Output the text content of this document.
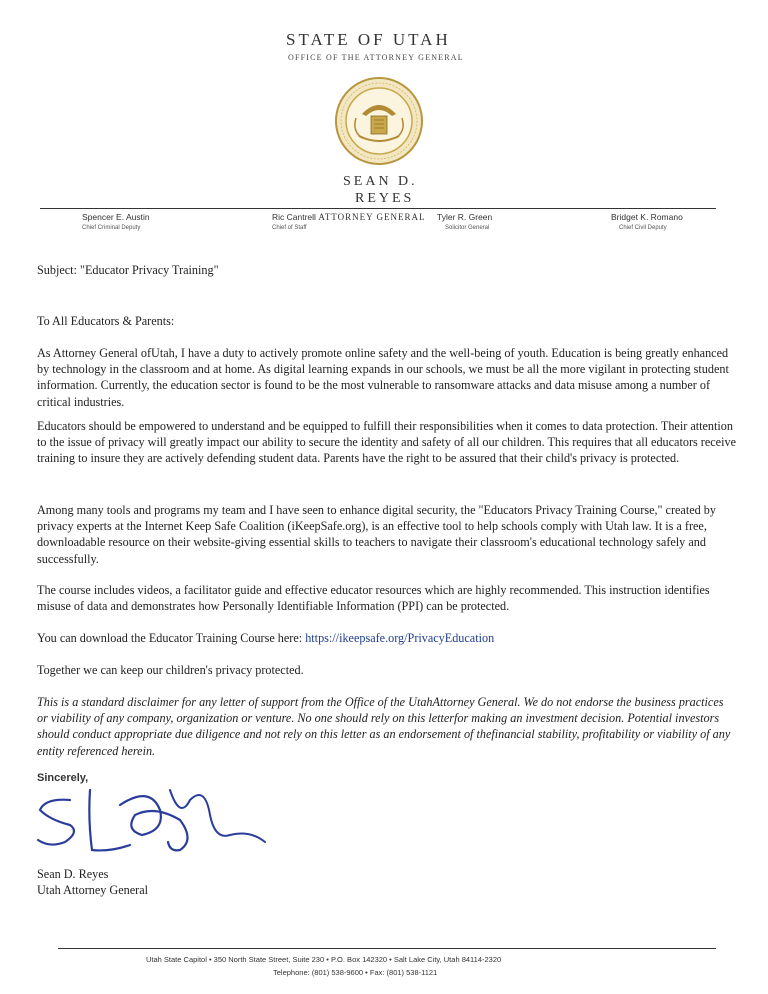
STATE OF UTAH
OFFICE OF THE ATTORNEY GENERAL
SEAN D.
REYES
Spencer E. Austin
Chief Criminal Deputy
Ric Cantrell ATTORNEY GENERAL
Chief of Staff
Tyler R. Green
Solicitor General
Bridget K. Romano
Chief Civil Deputy

Subject: "Educator Privacy Training"

To All Educators & Parents:

As Attorney General ofUtah, I have a duty to actively promote online safety and the well-being of youth. Education is being greatly enhanced by technology in the classroom and at home. As digital learning expands in our schools, we must be all the more vigilant in protecting student information. Currently, the education sector is found to be the most vulnerable to ransomware attacks and data misuse among a number of critical industries.

Educators should be empowered to understand and be equipped to fulfill their responsibilities when it comes to data protection. Their attention to the issue of privacy will greatly impact our ability to secure the identity and safety of all our children. This requires that all educators receive training to insure they are actively defending student data. Parents have the right to be assured that their child's privacy is protected.

Among many tools and programs my team and I have seen to enhance digital security, the "Educators Privacy Training Course," created by privacy experts at the Internet Keep Safe Coalition (iKeepSafe.org), is an effective tool to help schools comply with Utah law. It is a free, downloadable resource on their website-giving essential skills to teachers to navigate their classroom's educational technology safely and successfully.

The course includes videos, a facilitator guide and effective educator resources which are highly recommended. This instruction identifies misuse of data and demonstrates how Personally Identifiable Information (PPI) can be protected.

You can download the Educator Training Course here: https://ikeepsafe.org/PrivacyEducation

Together we can keep our children's privacy protected.

This is a standard disclaimer for any letter of support from the Office of the UtahAttorney General. We do not endorse the business practices or viability of any company, organization or venture. No one should rely on this letterfor making an investment decision. Potential investors should conduct appropriate due diligence and not rely on this letter as an endorsement of thefinancial stability, profitability or viability of any entity referenced herein.

Sincerely,
Sean D. Reyes
Utah Attorney General
Utah State Capitol • 350 North State Street, Suite 230 • P.O. Box 142320 • Salt Lake City, Utah 84114-2320
Telephone: (801) 538-9600 • Fax: (801) 538-1121
